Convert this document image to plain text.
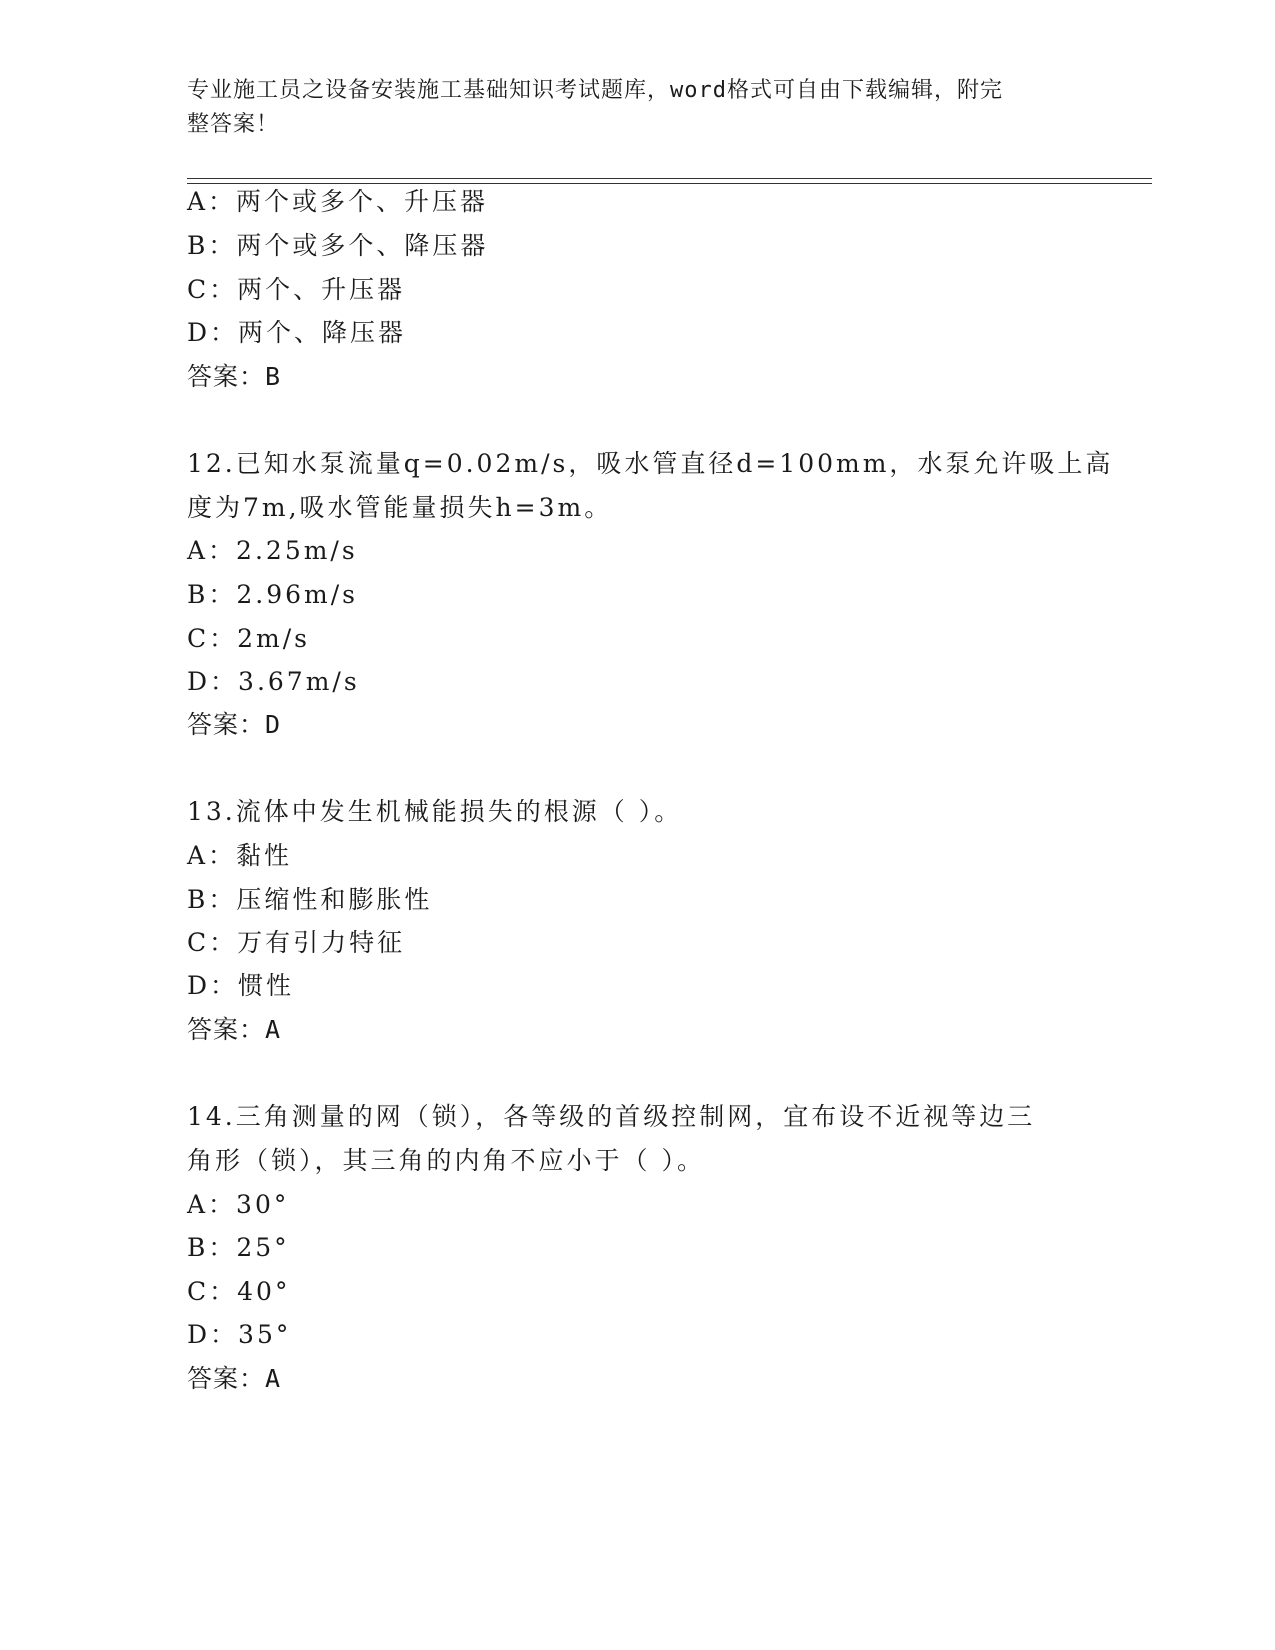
专业施工员之设备安装施工基础知识考试题库，word格式可自由下载编辑，附完
整答案！
A：两个或多个、升压器
B：两个或多个、降压器
C：两个、升压器
D：两个、降压器
答案：B
12.已知水泵流量q=0.02m/s，吸水管直径d=100mm，水泵允许吸上高
度为7m,吸水管能量损失h=3m。
A：2.25m/s
B：2.96m/s
C：2m/s
D：3.67m/s
答案：D
13.流体中发生机械能损失的根源（ ）。
A：黏性
B：压缩性和膨胀性
C：万有引力特征
D：惯性
答案：A
14.三角测量的网（锁），各等级的首级控制网，宜布设不近视等边三
角形（锁），其三角的内角不应小于（ ）。
A：30°
B：25°
C：40°
D：35°
答案：A
